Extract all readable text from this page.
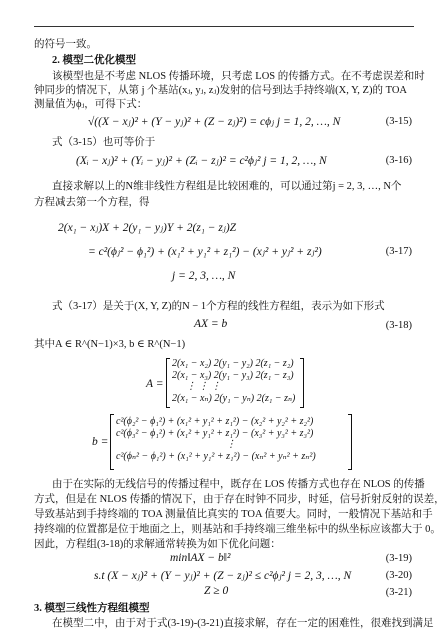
的符号一致。
2. 模型二优化模型
该模型也是不考虑 NLOS 传播环境，只考虑 LOS 的传播方式。在不考虑误差和时
钟同步的情况下，从第 j 个基站(xⱼ, yⱼ, zⱼ)发射的信号到达手持终端(X, Y, Z)的 TOA
测量值为ϕⱼ，可得下式：
√((X − xⱼ)² + (Y − yⱼ)² + (Z − zⱼ)²) = cϕⱼ j = 1, 2, …, N	(3-15)
式（3-15）也可等价于
(Xᵢ − xⱼ)² + (Yᵢ − yⱼ)² + (Zᵢ − zⱼ)² = c²ϕⱼ² j = 1, 2, …, N	(3-16)
直接求解以上的N维非线性方程组是比较困难的，可以通过第j = 2, 3, …, N个
方程减去第一个方程，得
2(x₁ − xⱼ)X + 2(y₁ − yⱼ)Y + 2(z₁ − zⱼ)Z
= c²(ϕⱼ² − ϕ₁²) + (x₁² + y₁² + z₁²) − (xⱼ² + yⱼ² + zⱼ²)	(3-17)
j = 2, 3, …, N
式（3-17）是关于(X, Y, Z)的N − 1个方程的线性方程组，表示为如下形式
AX = b	(3-18)
其中A ∈ R^(N−1)×3, b ∈ R^(N−1)
A =
2(x₁ − x₂) 2(y₁ − y₂) 2(z₁ − z₂)
2(x₁ − x₃) 2(y₁ − y₃) 2(z₁ − z₃)
⋮ ⋮ ⋮
2(x₁ − xₙ) 2(y₁ − yₙ) 2(z₁ − zₙ)
b =
c²(ϕ₂² − ϕ₁²) + (x₁² + y₁² + z₁²) − (x₂² + y₂² + z₂²)
c²(ϕ₃² − ϕ₁²) + (x₁² + y₁² + z₁²) − (x₃² + y₃² + z₃²)
⋮
c²(ϕₙ² − ϕ₁²) + (x₁² + y₁² + z₁²) − (xₙ² + yₙ² + zₙ²)
由于在实际的无线信号的传播过程中，既存在 LOS 传播方式也存在 NLOS 的传播
方式，但是在 NLOS 传播的情况下，由于存在时钟不同步，时延，信号折射反射的误差，
导致基站到手持终端的 TOA 测量值比真实的 TOA 值要大。同时，一般情况下基站和手
持终端的位置都是位于地面之上，则基站和手持终端三维坐标中的纵坐标应该都大于 0。
因此，方程组(3-18)的求解通常转换为如下优化问题：
min‖AX − b‖²	(3-19)
s.t (X − xⱼ)² + (Y − yⱼ)² + (Z − zⱼ)² ≤ c²ϕⱼ² j = 2, 3, …, N	(3-20)
Z ≥ 0	(3-21)
3. 模型三线性方程组模型
在模型二中，由于对于式(3-19)-(3-21)直接求解，存在一定的困难性，很难找到满足
